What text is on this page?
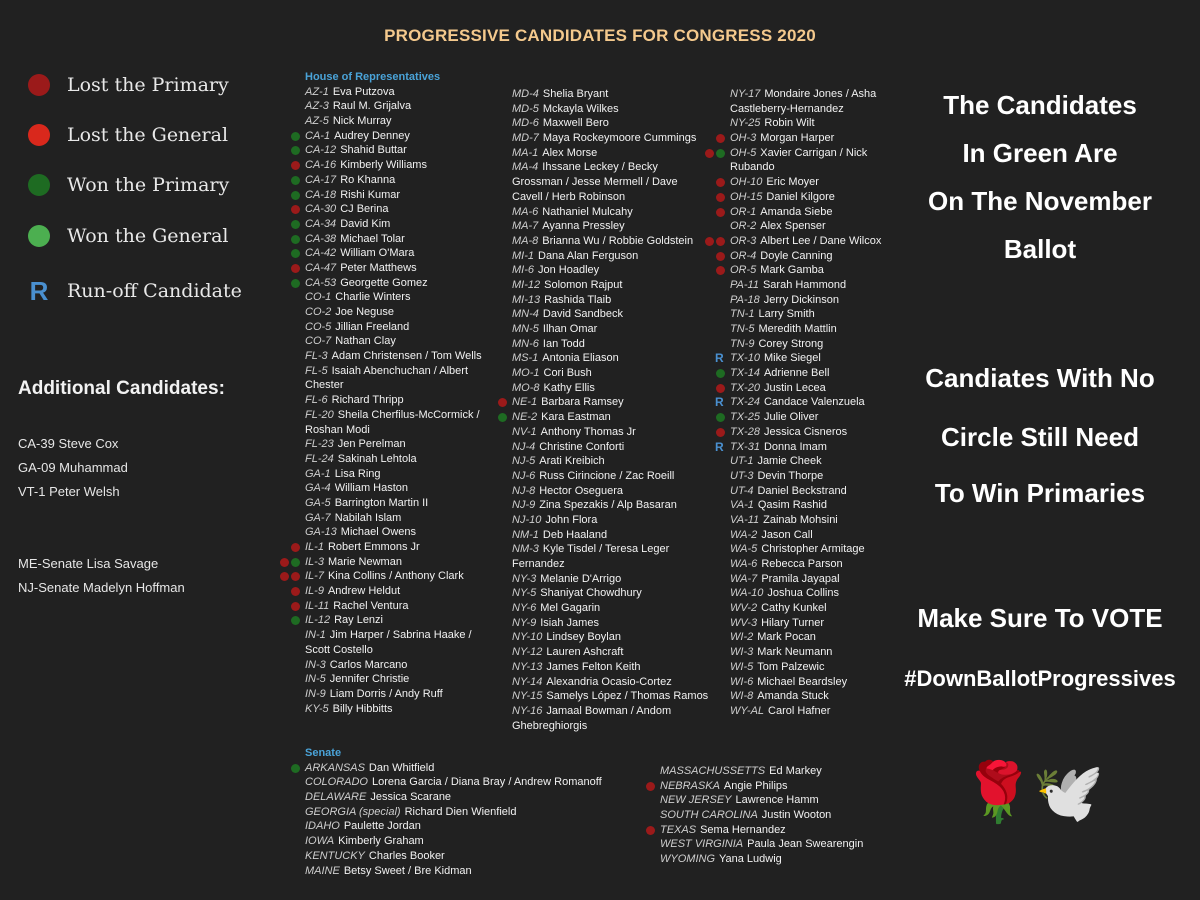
PROGRESSIVE CANDIDATES FOR CONGRESS 2020
Lost the Primary
Lost the General
Won the Primary
Won the General
R Run-off Candidate
Additional Candidates:
CA-39 Steve Cox
GA-09 Muhammad
VT-1 Peter Welsh
ME-Senate Lisa Savage
NJ-Senate Madelyn Hoffman
House of Representatives
AZ-1 Eva Putzova
AZ-3 Raul M. Grijalva
AZ-5 Nick Murray
CA-1 Audrey Denney
CA-12 Shahid Buttar
CA-16 Kimberly Williams
CA-17 Ro Khanna
CA-18 Rishi Kumar
CA-30 CJ Berina
CA-34 David Kim
CA-38 Michael Tolar
CA-42 William O'Mara
CA-47 Peter Matthews
CA-53 Georgette Gomez
CO-1 Charlie Winters
CO-2 Joe Neguse
CO-5 Jillian Freeland
CO-7 Nathan Clay
FL-3 Adam Christensen / Tom Wells
FL-5 Isaiah Abenchuchan / Albert
Chester
FL-6 Richard Thripp
FL-20 Sheila Cherfilus-McCormick /
Roshan Modi
FL-23 Jen Perelman
FL-24 Sakinah Lehtola
GA-1 Lisa Ring
GA-4 William Haston
GA-5 Barrington Martin II
GA-7 Nabilah Islam
GA-13 Michael Owens
IL-1 Robert Emmons Jr
IL-3 Marie Newman
IL-7 Kina Collins / Anthony Clark
IL-9 Andrew Heldut
IL-11 Rachel Ventura
IL-12 Ray Lenzi
IN-1 Jim Harper / Sabrina Haake /
Scott Costello
IN-3 Carlos Marcano
IN-5 Jennifer Christie
IN-9 Liam Dorris / Andy Ruff
KY-5 Billy Hibbitts
MD-4 Shelia Bryant
MD-5 Mckayla Wilkes
MD-6 Maxwell Bero
MD-7 Maya Rockeymoore Cummings
MA-1 Alex Morse
MA-4 Ihssane Leckey / Becky
Grossman / Jesse Mermell / Dave
Cavell / Herb Robinson
MA-6 Nathaniel Mulcahy
MA-7 Ayanna Pressley
MA-8 Brianna Wu / Robbie Goldstein
MI-1 Dana Alan Ferguson
MI-6 Jon Hoadley
MI-12 Solomon Rajput
MI-13 Rashida Tlaib
MN-4 David Sandbeck
MN-5 Ilhan Omar
MN-6 Ian Todd
MS-1 Antonia Eliason
MO-1 Cori Bush
MO-8 Kathy Ellis
NE-1 Barbara Ramsey
NE-2 Kara Eastman
NV-1 Anthony Thomas Jr
NJ-4 Christine Conforti
NJ-5 Arati Kreibich
NJ-6 Russ Cirincione / Zac Roeill
NJ-8 Hector Oseguera
NJ-9 Zina Spezakis / Alp Basaran
NJ-10 John Flora
NM-1 Deb Haaland
NM-3 Kyle Tisdel / Teresa Leger
Fernandez
NY-3 Melanie D'Arrigo
NY-5 Shaniyat Chowdhury
NY-6 Mel Gagarin
NY-9 Isiah James
NY-10 Lindsey Boylan
NY-12 Lauren Ashcraft
NY-13 James Felton Keith
NY-14 Alexandria Ocasio-Cortez
NY-15 Samelys López / Thomas Ramos
NY-16 Jamaal Bowman / Andom
Ghebreghiorgis
NY-17 Mondaire Jones / Asha
Castleberry-Hernandez
NY-25 Robin Wilt
OH-3 Morgan Harper
OH-5 Xavier Carrigan / Nick
Rubando
OH-10 Eric Moyer
OH-15 Daniel Kilgore
OR-1 Amanda Siebe
OR-2 Alex Spenser
OR-3 Albert Lee / Dane Wilcox
OR-4 Doyle Canning
OR-5 Mark Gamba
PA-11 Sarah Hammond
PA-18 Jerry Dickinson
TN-1 Larry Smith
TN-5 Meredith Mattlin
TN-9 Corey Strong
R TX-10 Mike Siegel
TX-14 Adrienne Bell
TX-20 Justin Lecea
R TX-24 Candace Valenzuela
TX-25 Julie Oliver
TX-28 Jessica Cisneros
R TX-31 Donna Imam
UT-1 Jamie Cheek
UT-3 Devin Thorpe
UT-4 Daniel Beckstrand
VA-1 Qasim Rashid
VA-11 Zainab Mohsini
WA-2 Jason Call
WA-5 Christopher Armitage
WA-6 Rebecca Parson
WA-7 Pramila Jayapal
WA-10 Joshua Collins
WV-2 Cathy Kunkel
WV-3 Hilary Turner
WI-2 Mark Pocan
WI-3 Mark Neumann
WI-5 Tom Palzewic
WI-6 Michael Beardsley
WI-8 Amanda Stuck
WY-AL Carol Hafner
Senate
ARKANSAS Dan Whitfield
COLORADO Lorena Garcia / Diana Bray / Andrew Romanoff
DELAWARE Jessica Scarane
GEORGIA (special) Richard Dien Wienfield
IDAHO Paulette Jordan
IOWA Kimberly Graham
KENTUCKY Charles Booker
MAINE Betsy Sweet / Bre Kidman
MASSACHUSSETTS Ed Markey
NEBRASKA Angie Philips
NEW JERSEY Lawrence Hamm
SOUTH CAROLINA Justin Wooton
TEXAS Sema Hernandez
WEST VIRGINIA Paula Jean Swearengin
WYOMING Yana Ludwig
The Candidates
In Green Are
On The November
Ballot
Candiates With No
Circle Still Need
To Win Primaries
Make Sure To VOTE
#DownBallotProgressives
🌹
🕊️
